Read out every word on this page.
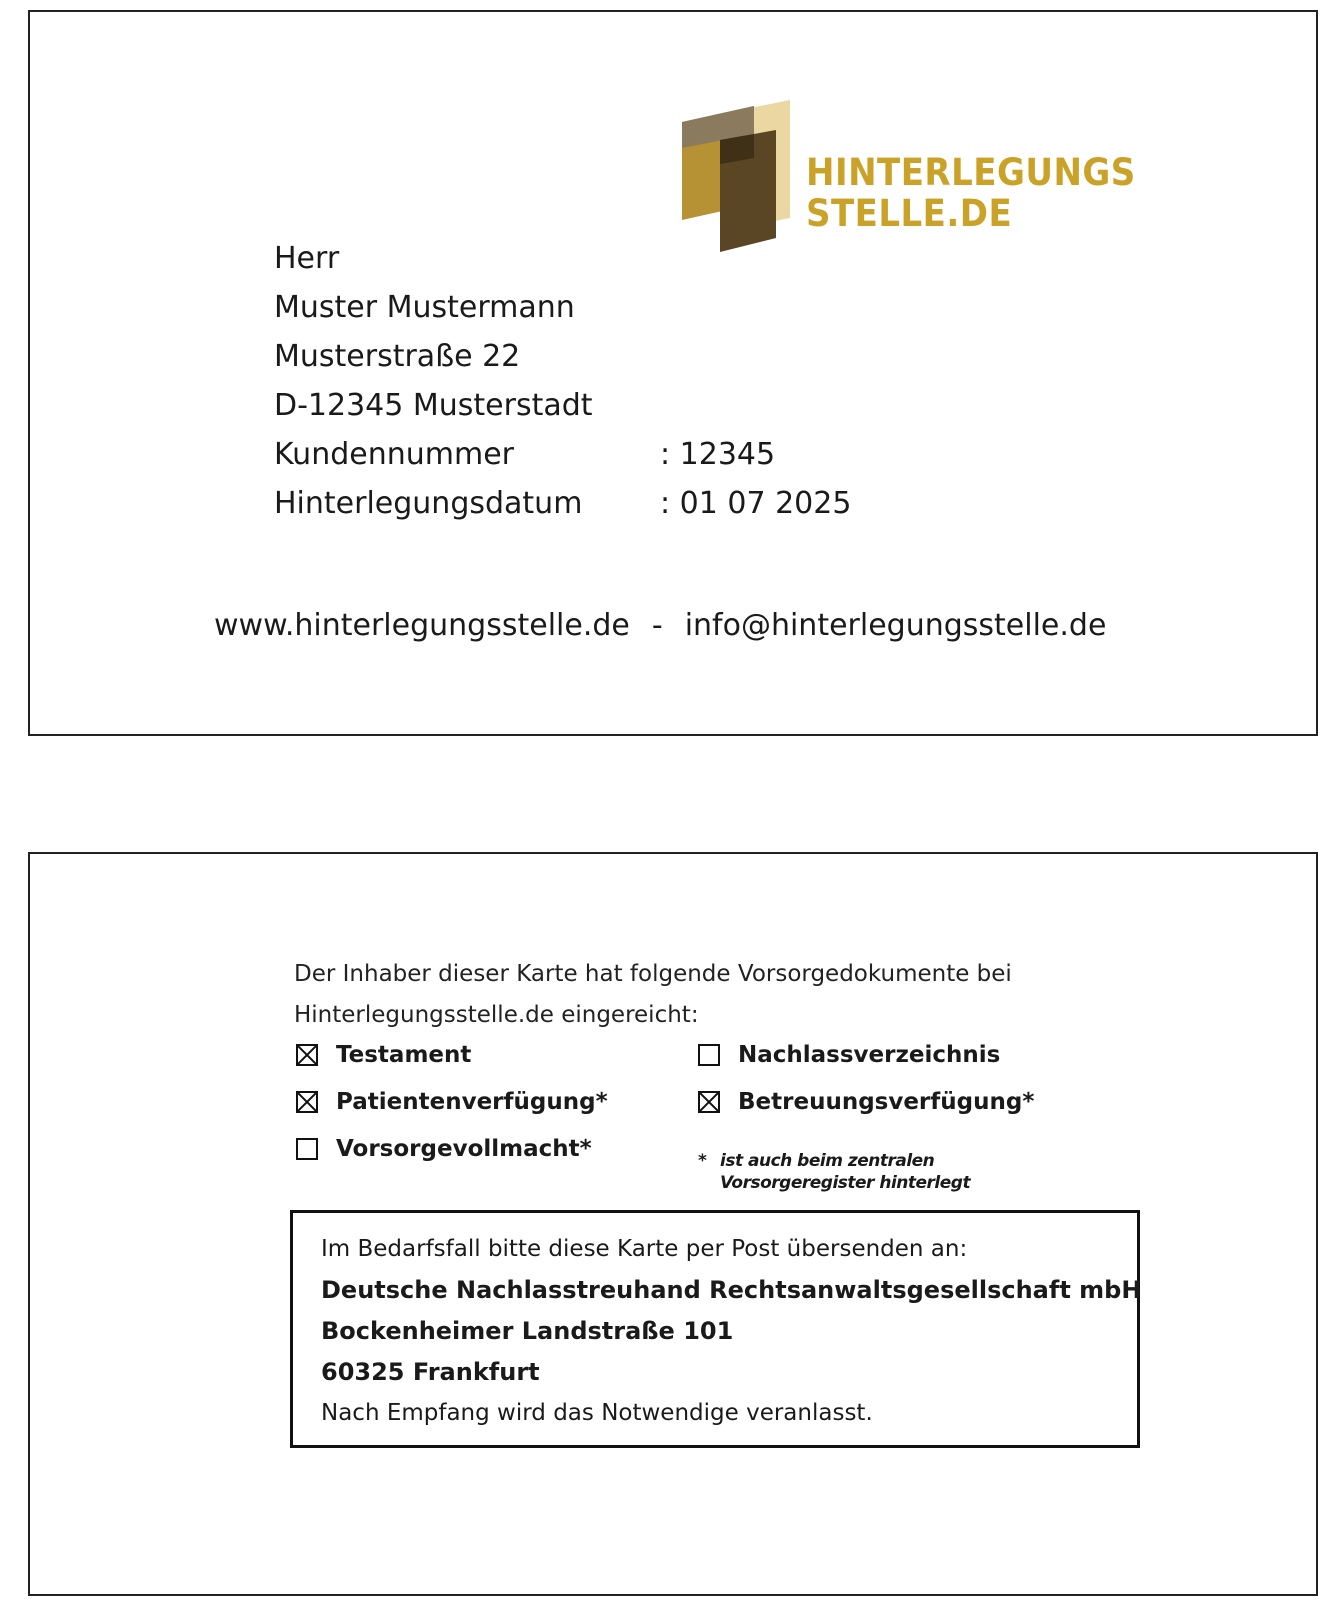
HINTERLEGUNGS
STELLE.DE
Herr
Muster Mustermann
Musterstraße 22
D-12345 Musterstadt
Kundennummer	: 12345
Hinterlegungsdatum	: 01 07 2025
www.hinterlegungsstelle.de - info@hinterlegungsstelle.de
Der Inhaber dieser Karte hat folgende Vorsorgedokumente bei
Hinterlegungsstelle.de eingereicht:
Testament	Nachlassverzeichnis
Patientenverfügung*	Betreuungsverfügung*
Vorsorgevollmacht*	* ist auch beim zentralen
Vorsorgeregister hinterlegt
Im Bedarfsfall bitte diese Karte per Post übersenden an:
Deutsche Nachlasstreuhand Rechtsanwaltsgesellschaft mbH
Bockenheimer Landstraße 101
60325 Frankfurt
Nach Empfang wird das Notwendige veranlasst.
